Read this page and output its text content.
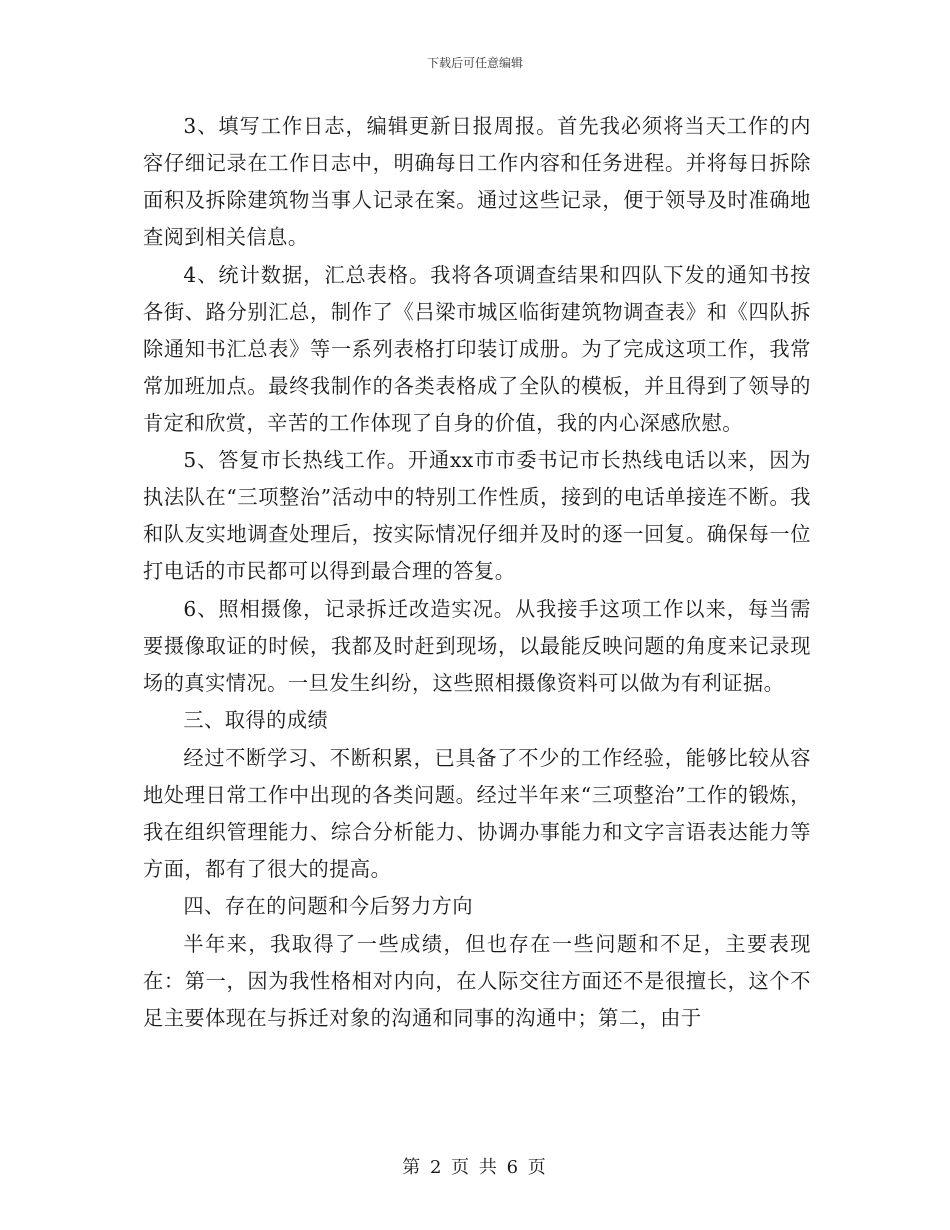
下载后可任意编辑

3、填写工作日志，编辑更新日报周报。首先我必须将当天工作的内容仔细记录在工作日志中，明确每日工作内容和任务进程。并将每日拆除面积及拆除建筑物当事人记录在案。通过这些记录，便于领导及时准确地查阅到相关信息。

4、统计数据，汇总表格。我将各项调查结果和四队下发的通知书按各街、路分别汇总，制作了《吕梁市城区临街建筑物调查表》和《四队拆除通知书汇总表》等一系列表格打印装订成册。为了完成这项工作，我常常加班加点。最终我制作的各类表格成了全队的模板，并且得到了领导的肯定和欣赏，辛苦的工作体现了自身的价值，我的内心深感欣慰。

5、答复市长热线工作。开通xx市市委书记市长热线电话以来，因为执法队在“三项整治”活动中的特别工作性质，接到的电话单接连不断。我和队友实地调查处理后，按实际情况仔细并及时的逐一回复。确保每一位打电话的市民都可以得到最合理的答复。

6、照相摄像，记录拆迁改造实况。从我接手这项工作以来，每当需要摄像取证的时候，我都及时赶到现场，以最能反映问题的角度来记录现场的真实情况。一旦发生纠纷，这些照相摄像资料可以做为有利证据。

三、取得的成绩

经过不断学习、不断积累，已具备了不少的工作经验，能够比较从容地处理日常工作中出现的各类问题。经过半年来“三项整治”工作的锻炼，我在组织管理能力、综合分析能力、协调办事能力和文字言语表达能力等方面，都有了很大的提高。

四、存在的问题和今后努力方向

半年来，我取得了一些成绩，但也存在一些问题和不足，主要表现在：第一，因为我性格相对内向，在人际交往方面还不是很擅长，这个不足主要体现在与拆迁对象的沟通和同事的沟通中；第二，由于

第 2 页 共 6 页
